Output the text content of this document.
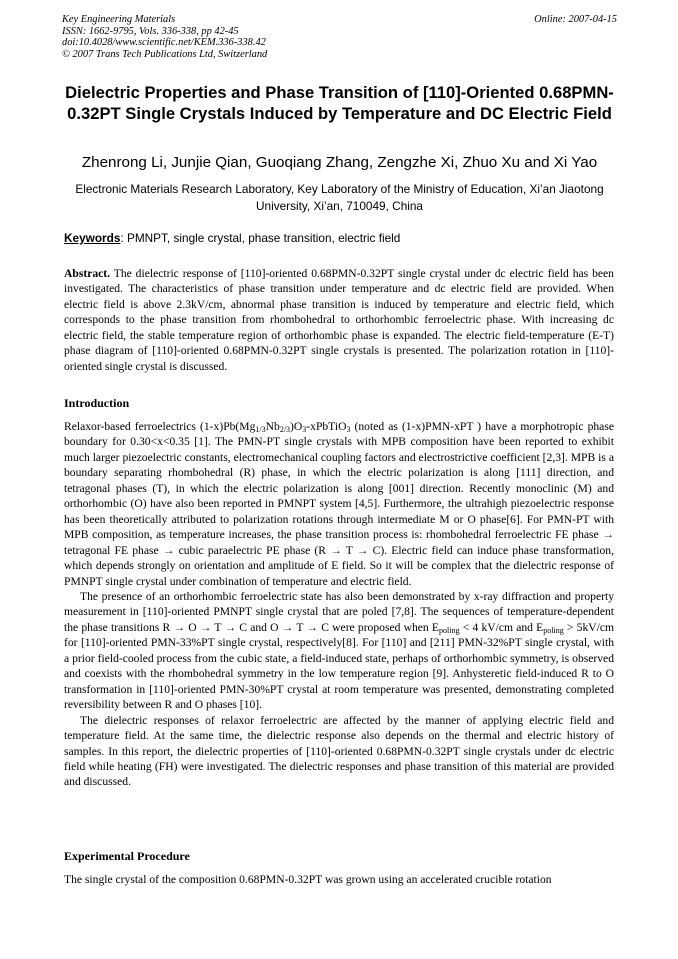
Key Engineering Materials
ISSN: 1662-9795, Vols. 336-338, pp 42-45
doi:10.4028/www.scientific.net/KEM.336-338.42
© 2007 Trans Tech Publications Ltd, Switzerland
Online: 2007-04-15
Dielectric Properties and Phase Transition of [110]-Oriented 0.68PMN-0.32PT Single Crystals Induced by Temperature and DC Electric Field
Zhenrong Li, Junjie Qian, Guoqiang Zhang, Zengzhe Xi, Zhuo Xu and Xi Yao
Electronic Materials Research Laboratory, Key Laboratory of the Ministry of Education, Xi’an Jiaotong University, Xi’an, 710049, China
Keywords: PMNPT, single crystal, phase transition, electric field

Abstract. The dielectric response of [110]-oriented 0.68PMN-0.32PT single crystal under dc electric field has been investigated. The characteristics of phase transition under temperature and dc electric field are provided. When electric field is above 2.3kV/cm, abnormal phase transition is induced by temperature and electric field, which corresponds to the phase transition from rhombohedral to orthorhombic ferroelectric phase. With increasing dc electric field, the stable temperature region of orthorhombic phase is expanded. The electric field-temperature (E-T) phase diagram of [110]-oriented 0.68PMN-0.32PT single crystals is presented. The polarization rotation in [110]-oriented single crystal is discussed.

Introduction

Relaxor-based ferroelectrics $(1-x)Pb(Mg_{1/3}Nb_{2/3})O_3-xPbTiO_3$ (noted as (1-x)PMN-xPT ) have a morphotropic phase boundary for 0.30<x<0.35 [1]. The PMN-PT single crystals with MPB composition have been reported to exhibit much larger piezoelectric constants, electromechanical coupling factors and electrostrictive coefficient [2,3]. MPB is a boundary separating rhombohedral (R) phase, in which the electric polarization is along [111] direction, and tetragonal phases (T), in which the electric polarization is along [001] direction. Recently monoclinic (M) and orthorhombic (O) have also been reported in PMNPT system [4,5]. Furthermore, the ultrahigh piezoelectric response has been theoretically attributed to polarization rotations through intermediate M or O phase[6]. For PMN-PT with MPB composition, as temperature increases, the phase transition process is: rhombohedral ferroelectric FE phase → tetragonal FE phase → cubic paraelectric PE phase (R → T → C). Electric field can induce phase transformation, which depends strongly on orientation and amplitude of E field. So it will be complex that the dielectric response of PMNPT single crystal under combination of temperature and electric field.

The presence of an orthorhombic ferroelectric state has also been demonstrated by x-ray diffraction and property measurement in [110]-oriented PMNPT single crystal that are poled [7,8]. The sequences of temperature-dependent the phase transitions R → O → T → C and O → T → C were proposed when $E_{poling} < 4$ kV/cm and $E_{poling} > 5kV/cm$ for [110]-oriented PMN-33%PT single crystal, respectively[8]. For [110] and [211] PMN-32%PT single crystal, with a prior field-cooled process from the cubic state, a field-induced state, perhaps of orthorhombic symmetry, is observed and coexists with the rhombohedral symmetry in the low temperature region [9]. Anhysteretic field-induced R to O transformation in [110]-oriented PMN-30%PT crystal at room temperature was presented, demonstrating completed reversibility between R and O phases [10].

The dielectric responses of relaxor ferroelectric are affected by the manner of applying electric field and temperature field. At the same time, the dielectric response also depends on the thermal and electric history of samples. In this report, the dielectric properties of [110]-oriented 0.68PMN-0.32PT single crystals under dc electric field while heating (FH) were investigated. The dielectric responses and phase transition of this material are provided and discussed.

Experimental Procedure

The single crystal of the composition 0.68PMN-0.32PT was grown using an accelerated crucible rotation
